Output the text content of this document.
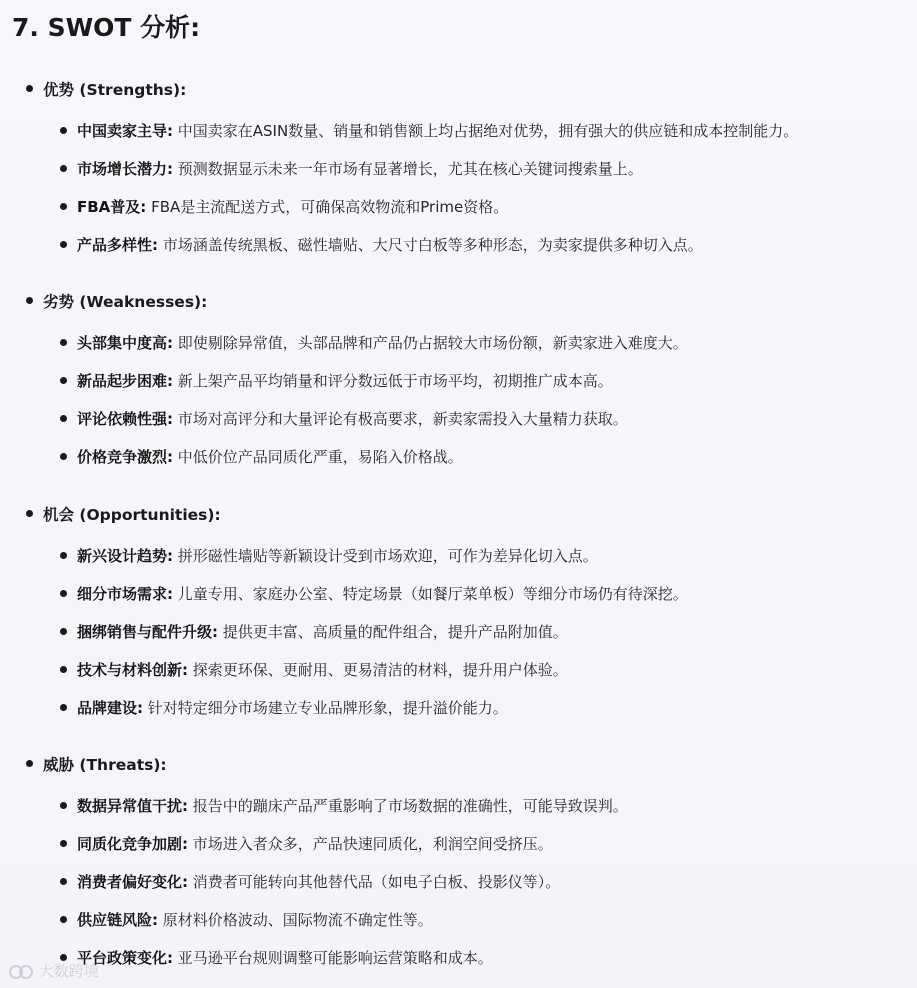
7. SWOT 分析:
优势 (Strengths):
中国卖家主导: 中国卖家在ASIN数量、销量和销售额上均占据绝对优势，拥有强大的供应链和成本控制能力。
市场增长潜力: 预测数据显示未来一年市场有显著增长，尤其在核心关键词搜索量上。
FBA普及: FBA是主流配送方式，可确保高效物流和Prime资格。
产品多样性: 市场涵盖传统黑板、磁性墙贴、大尺寸白板等多种形态，为卖家提供多种切入点。
劣势 (Weaknesses):
头部集中度高: 即使剔除异常值，头部品牌和产品仍占据较大市场份额，新卖家进入难度大。
新品起步困难: 新上架产品平均销量和评分数远低于市场平均，初期推广成本高。
评论依赖性强: 市场对高评分和大量评论有极高要求，新卖家需投入大量精力获取。
价格竞争激烈: 中低价位产品同质化严重，易陷入价格战。
机会 (Opportunities):
新兴设计趋势: 拼形磁性墙贴等新颖设计受到市场欢迎，可作为差异化切入点。
细分市场需求: 儿童专用、家庭办公室、特定场景（如餐厅菜单板）等细分市场仍有待深挖。
捆绑销售与配件升级: 提供更丰富、高质量的配件组合，提升产品附加值。
技术与材料创新: 探索更环保、更耐用、更易清洁的材料，提升用户体验。
品牌建设: 针对特定细分市场建立专业品牌形象，提升溢价能力。
威胁 (Threats):
数据异常值干扰: 报告中的蹦床产品严重影响了市场数据的准确性，可能导致误判。
同质化竞争加剧: 市场进入者众多，产品快速同质化，利润空间受挤压。
消费者偏好变化: 消费者可能转向其他替代品（如电子白板、投影仪等）。
供应链风险: 原材料价格波动、国际物流不确定性等。
平台政策变化: 亚马逊平台规则调整可能影响运营策略和成本。
大数跨境
